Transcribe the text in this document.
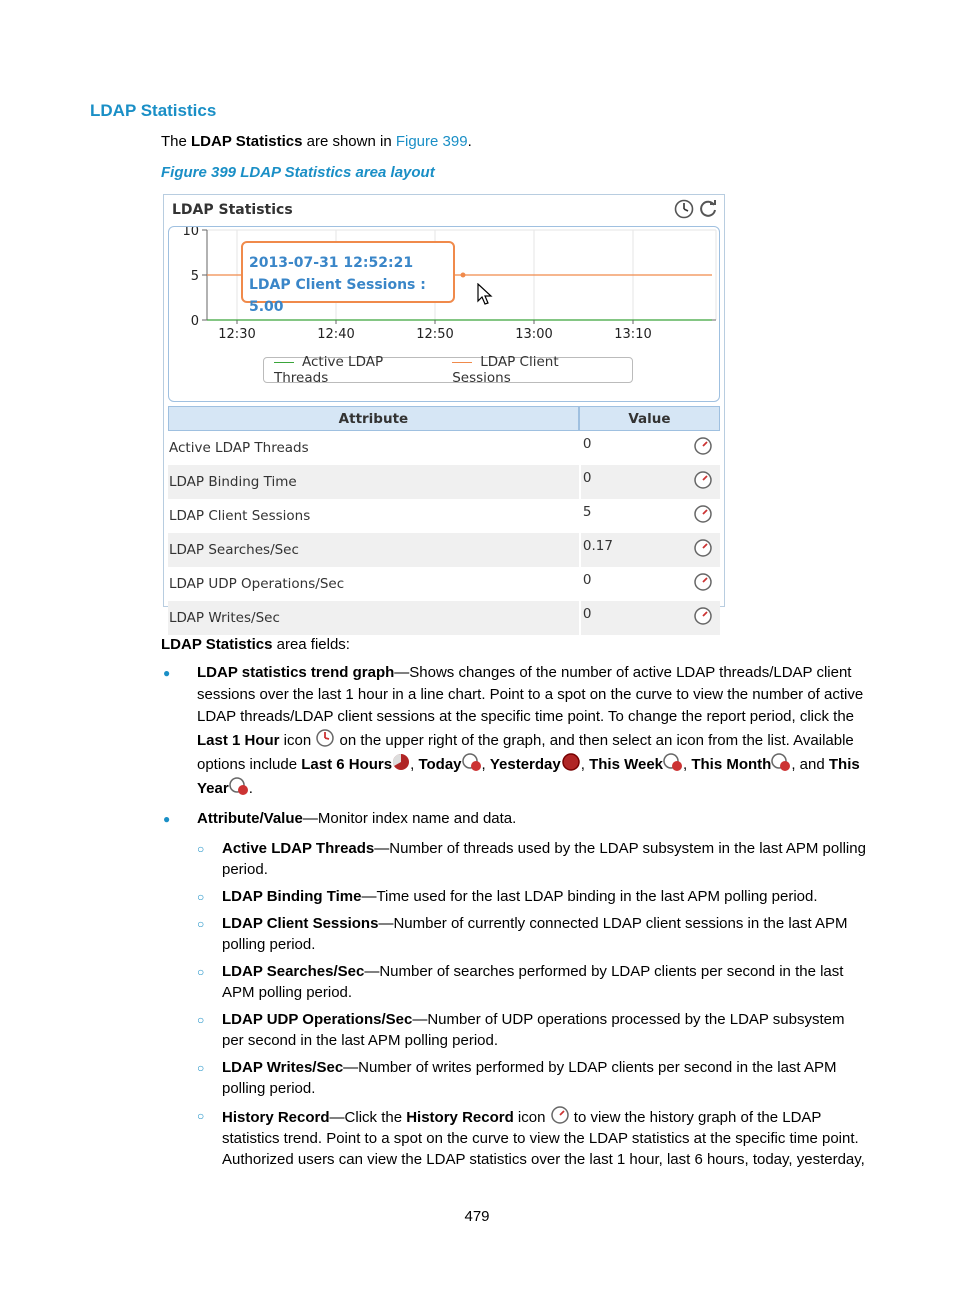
LDAP Statistics
The LDAP Statistics are shown in Figure 399.
Figure 399 LDAP Statistics area layout
LDAP Statistics
0
5
10
12:30	12:40	12:50	13:00	13:10
2013-07-31 12:52:21
LDAP Client Sessions : 5.00
Active LDAP Threads
LDAP Client Sessions
Attribute	Value	
Active LDAP Threads	0	
LDAP Binding Time	0	
LDAP Client Sessions	5	
LDAP Searches/Sec	0.17	
LDAP UDP Operations/Sec	0	
LDAP Writes/Sec	0	
LDAP Statistics area fields:
● LDAP statistics trend graph—Shows changes of the number of active LDAP threads/LDAP client sessions over the last 1 hour in a line chart. Point to a spot on the curve to view the number of active LDAP threads/LDAP client sessions at the specific time point. To change the report period, click the Last 1 Hour icon  on the upper right of the graph, and then select an icon from the list. Available options include Last 6 Hours , Today , Yesterday , This Week , This Month , and This Year .
● Attribute/Value—Monitor index name and data.
○ Active LDAP Threads—Number of threads used by the LDAP subsystem in the last APM polling period.
○ LDAP Binding Time—Time used for the last LDAP binding in the last APM polling period.
○ LDAP Client Sessions—Number of currently connected LDAP client sessions in the last APM polling period.
○ LDAP Searches/Sec—Number of searches performed by LDAP clients per second in the last APM polling period.
○ LDAP UDP Operations/Sec—Number of UDP operations processed by the LDAP subsystem per second in the last APM polling period.
○ LDAP Writes/Sec—Number of writes performed by LDAP clients per second in the last APM polling period.
○ History Record—Click the History Record icon  to view the history graph of the LDAP statistics trend. Point to a spot on the curve to view the LDAP statistics at the specific time point. Authorized users can view the LDAP statistics over the last 1 hour, last 6 hours, today, yesterday,
479
